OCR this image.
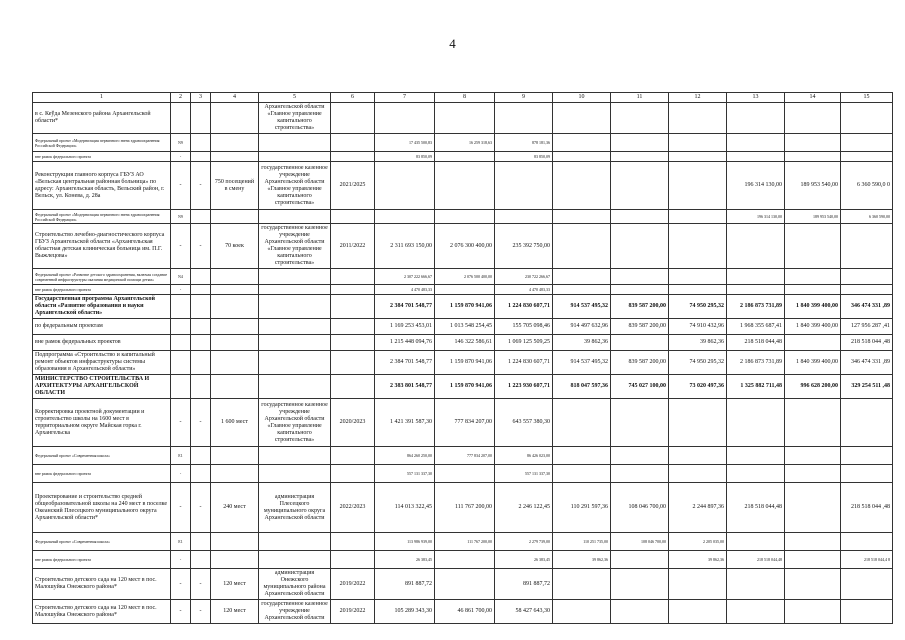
4
1	2	3	4	5	6	7	8	9	10	11	12	13	14	15
в с. Кеўда Мезенского района Архангельской области*				Архангельской области «Главное управление капитального строительства»										
Федеральный проект «Модернизация первичного звена здравоохранения Российской Федерации»	N9					17 435 500,83	16 259 318,63	878 181,36						
вне рамок федерального проекта	-					83 850,09		83 850,09						
Реконструкция главного корпуса ГБУЗ АО «Вельская центральная районная больница» по адресу: Архангельская область, Вельский район, г. Вельск, ул. Конева, д. 28а	-	-	750 посещений в смену	государственное казенное учреждение Архангельской области «Главное управление капитального строительства»	2021/2025							196 314 130,00	189 953 540,00	6 360 590,0 0
Федеральный проект «Модернизация первичного звена здравоохранения Российской Федерации»	N9											196 314 130,00	189 953 540,00	6 360 590,00
Строительство лечебно-диагностического корпуса ГБУЗ Архангельской области «Архангельская областная детская клиническая больница им. П.Г. Выжлецова»	-	-	70 коек	государственное казенное учреждение Архангельской области «Главное управление капитального строительства»	2011/2022	2 311 693 150,00	2 076 300 400,00	235 392 750,00						
Федеральный проект «Развитие детского здравоохранения, включая создание современной инфраструктуры оказания медицинской помощи детям»	N4					2 307 222 666,67	2 076 500 400,00	230 722 266,67						
вне рамок федерального проекта	-					4 470 483,33		4 470 483,33						
Государственная программа Архангельской области «Развитие образования и науки Архангельской области»						2 384 701 548,77	1 159 870 941,06	1 224 830 607,71	914 537 495,32	839 587 200,00	74 950 295,32	2 186 873 731,89	1 840 399 400,00	346 474 331 ,89
по федеральным проектам						1 169 253 453,01	1 013 548 254,45	155 705 098,46	914 497 632,96	839 587 200,00	74 910 432,96	1 968 355 687,41	1 840 399 400,00	127 956 287 ,41
вне рамок федеральных проектов						1 215 448 094,76	146 322 586,61	1 069 125 509,25	39 862,36		39 862,36	218 518 044,48		218 518 044 ,48
Подпрограмма «Строительство и капитальный ремонт объектов инфраструктуры системы образования в Архангельской области»						2 384 701 548,77	1 159 870 941,06	1 224 830 607,71	914 537 495,32	839 587 200,00	74 950 295,32	2 186 873 731,89	1 840 399 400,00	346 474 331 ,89
МИНИСТЕРСТВО СТРОИТЕЛЬСТВА И АРХИТЕКТУРЫ АРХАНГЕЛЬСКОЙ ОБЛАСТИ						2 383 801 548,77	1 159 870 941,06	1 223 930 607,71	818 047 597,36	745 027 100,00	73 020 497,36	1 325 882 711,48	996 628 200,00	329 254 511 ,48
Корректировка проектной документации и строительство школы на 1600 мест в территориальном округе Майская горка г. Архангельска	-	-	1 600 мест	государственное казенное учреждение Архангельской области «Главное управление капитального строительства»	2020/2023	1 421 391 587,30	777 834 207,00	643 557 380,30						
Федеральный проект «Современная школа»	E1					864 260 250,00	777 834 207,00	86 426 023,00						
вне рамок федерального проекта	-					557 131 337,30		557 131 337,30						
Проектирование и строительство средней общеобразовательной школы на 240 мест в поселке Океанский Плесецкого муниципального округа Архангельской области*	-	-	240 мест	администрация Плесецкого муниципального округа Архангельской области	2022/2023	114 013 322,45	111 767 200,00	2 246 122,45	110 291 597,36	108 046 700,00	2 244 897,36	218 518 044,48		218 518 044 ,48
Федеральный проект «Современная школа»	E1					113 986 939,00	111 767 200,00	2 279 739,00	110 251 735,00	108 046 700,00	2 205 035,00			
вне рамок федерального проекта	-					26 383,45		26 383,45	39 862,36		39 862,36	218 518 044,48		218 518 044,4 8
Строительство детского сада на 120 мест в пос. Малошуйка Онежского района*	-	-	120 мест	администрация Онежского муниципального района Архангельской области	2019/2022	891 887,72		891 887,72						
Строительство детского сада на 120 мест в пос. Малошуйка Онежского района*	-	-	120 мест	государственное казенное учреждение Архангельской области	2019/2022	105 289 343,30	46 861 700,00	58 427 643,30						
